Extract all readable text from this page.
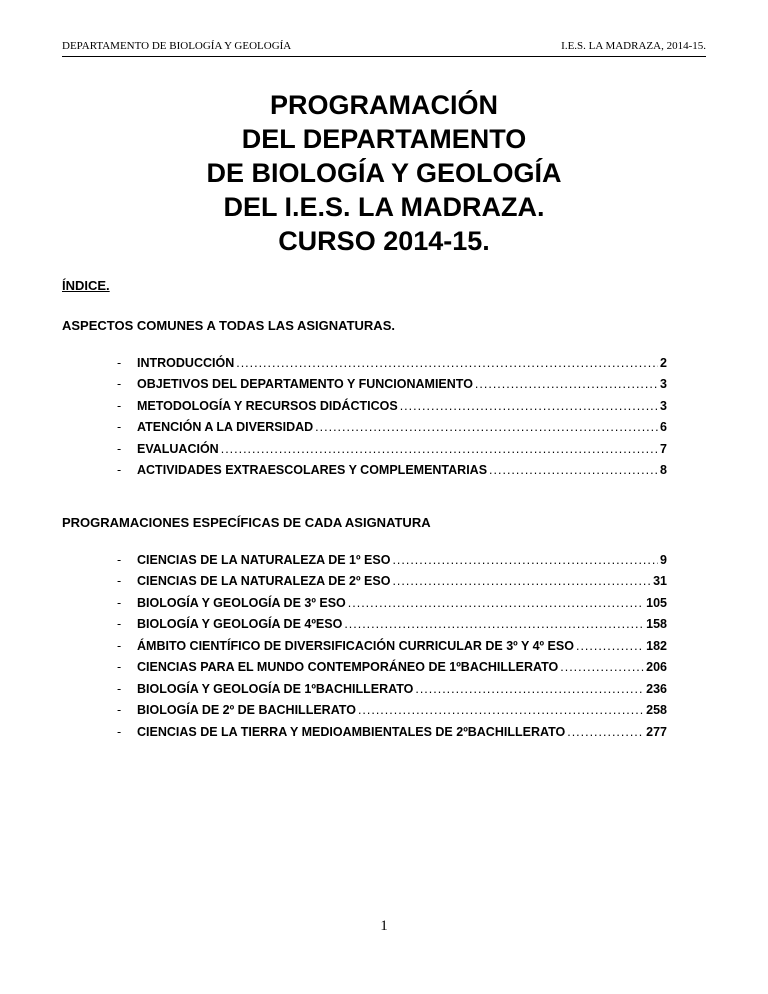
DEPARTAMENTO DE BIOLOGÍA Y GEOLOGÍA	I.E.S. LA MADRAZA, 2014-15.
PROGRAMACIÓN
DEL DEPARTAMENTO
DE BIOLOGÍA Y GEOLOGÍA
DEL I.E.S. LA MADRAZA.
CURSO 2014-15.
ÍNDICE.
ASPECTOS COMUNES A TODAS LAS ASIGNATURAS.
-	INTRODUCCIÓN .....	2
-	OBJETIVOS DEL DEPARTAMENTO Y FUNCIONAMIENTO .....	3
-	METODOLOGÍA Y RECURSOS DIDÁCTICOS .....	3
-	ATENCIÓN A LA DIVERSIDAD .....	6
-	EVALUACIÓN .....	7
-	ACTIVIDADES EXTRAESCOLARES Y COMPLEMENTARIAS .....	8
PROGRAMACIONES ESPECÍFICAS DE CADA ASIGNATURA
-	CIENCIAS DE LA NATURALEZA DE 1º ESO .....	9
-	CIENCIAS DE LA NATURALEZA DE 2º ESO .....	31
-	BIOLOGÍA Y GEOLOGÍA DE 3º ESO .....	105
-	BIOLOGÍA Y GEOLOGÍA DE 4ºESO .....	158
-	ÁMBITO CIENTÍFICO DE DIVERSIFICACIÓN CURRICULAR DE 3º Y 4º ESO .....	182
-	CIENCIAS PARA EL MUNDO CONTEMPORÁNEO DE 1ºBACHILLERATO .....	206
-	BIOLOGÍA Y GEOLOGÍA DE 1ºBACHILLERATO .....	236
-	BIOLOGÍA DE 2º DE BACHILLERATO .....	258
-	CIENCIAS DE LA TIERRA Y MEDIOAMBIENTALES DE 2ºBACHILLERATO .....	277
1
